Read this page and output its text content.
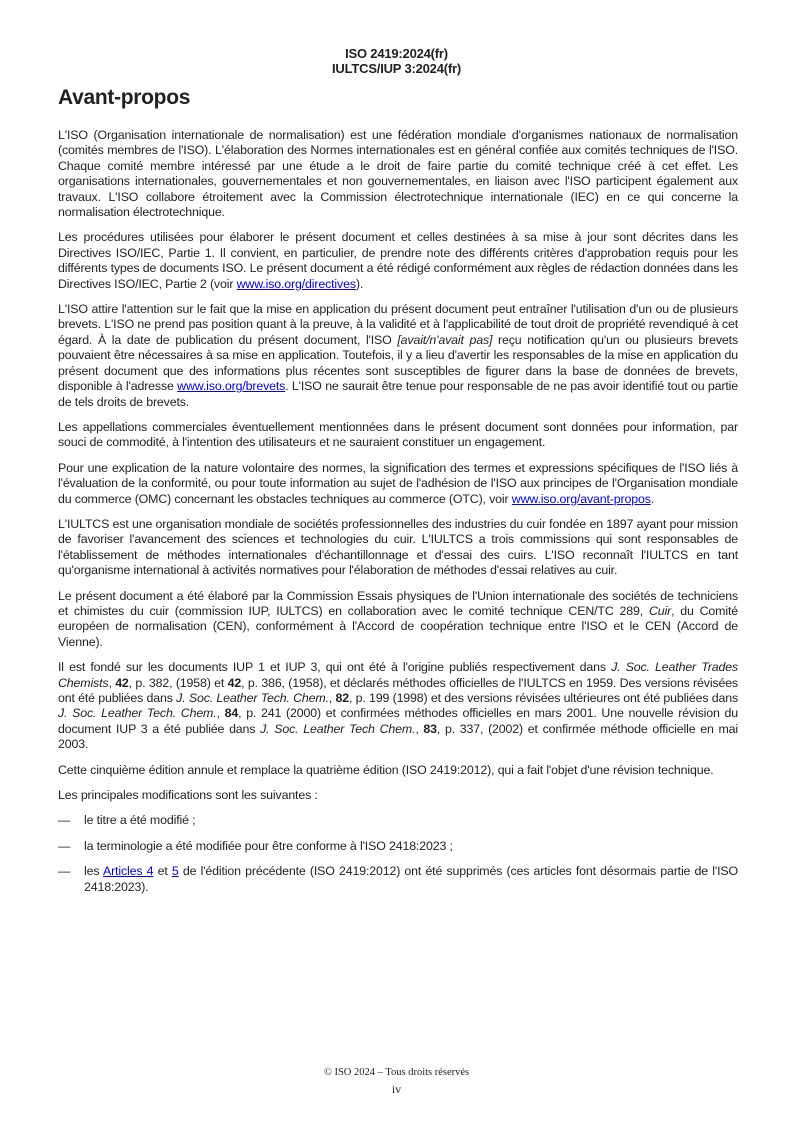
ISO 2419:2024(fr)
IULTCS/IUP 3:2024(fr)
Avant-propos

L'ISO (Organisation internationale de normalisation) est une fédération mondiale d'organismes nationaux de normalisation (comités membres de l'ISO). L'élaboration des Normes internationales est en général confiée aux comités techniques de l'ISO. Chaque comité membre intéressé par une étude a le droit de faire partie du comité technique créé à cet effet. Les organisations internationales, gouvernementales et non gouvernementales, en liaison avec l'ISO participent également aux travaux. L'ISO collabore étroitement avec la Commission électrotechnique internationale (IEC) en ce qui concerne la normalisation électrotechnique.

Les procédures utilisées pour élaborer le présent document et celles destinées à sa mise à jour sont décrites dans les Directives ISO/IEC, Partie 1. Il convient, en particulier, de prendre note des différents critères d'approbation requis pour les différents types de documents ISO. Le présent document a été rédigé conformément aux règles de rédaction données dans les Directives ISO/IEC, Partie 2 (voir www.iso.org/directives).

L'ISO attire l'attention sur le fait que la mise en application du présent document peut entraîner l'utilisation d'un ou de plusieurs brevets. L'ISO ne prend pas position quant à la preuve, à la validité et à l'applicabilité de tout droit de propriété revendiqué à cet égard. À la date de publication du présent document, l'ISO [avait/n'avait pas] reçu notification qu'un ou plusieurs brevets pouvaient être nécessaires à sa mise en application. Toutefois, il y a lieu d'avertir les responsables de la mise en application du présent document que des informations plus récentes sont susceptibles de figurer dans la base de données de brevets, disponible à l'adresse www.iso.org/brevets. L'ISO ne saurait être tenue pour responsable de ne pas avoir identifié tout ou partie de tels droits de brevets.

Les appellations commerciales éventuellement mentionnées dans le présent document sont données pour information, par souci de commodité, à l'intention des utilisateurs et ne sauraient constituer un engagement.

Pour une explication de la nature volontaire des normes, la signification des termes et expressions spécifiques de l'ISO liés à l'évaluation de la conformité, ou pour toute information au sujet de l'adhésion de l'ISO aux principes de l'Organisation mondiale du commerce (OMC) concernant les obstacles techniques au commerce (OTC), voir www.iso.org/avant-propos.

L'IULTCS est une organisation mondiale de sociétés professionnelles des industries du cuir fondée en 1897 ayant pour mission de favoriser l'avancement des sciences et technologies du cuir. L'IULTCS a trois commissions qui sont responsables de l'établissement de méthodes internationales d'échantillonnage et d'essai des cuirs. L'ISO reconnaît l'IULTCS en tant qu'organisme international à activités normatives pour l'élaboration de méthodes d'essai relatives au cuir.

Le présent document a été élaboré par la Commission Essais physiques de l'Union internationale des sociétés de techniciens et chimistes du cuir (commission IUP, IULTCS) en collaboration avec le comité technique CEN/TC 289, Cuir, du Comité européen de normalisation (CEN), conformément à l'Accord de coopération technique entre l'ISO et le CEN (Accord de Vienne).

Il est fondé sur les documents IUP 1 et IUP 3, qui ont été à l'origine publiés respectivement dans J. Soc. Leather Trades Chemists, 42, p. 382, (1958) et 42, p. 386, (1958), et déclarés méthodes officielles de l'IULTCS en 1959. Des versions révisées ont été publiées dans J. Soc. Leather Tech. Chem., 82, p. 199 (1998) et des versions révisées ultérieures ont été publiées dans J. Soc. Leather Tech. Chem., 84, p. 241 (2000) et confirmées méthodes officielles en mars 2001. Une nouvelle révision du document IUP 3 a été publiée dans J. Soc. Leather Tech Chem., 83, p. 337, (2002) et confirmée méthode officielle en mai 2003.

Cette cinquième édition annule et remplace la quatrième édition (ISO 2419:2012), qui a fait l'objet d'une révision technique.

Les principales modifications sont les suivantes :

— le titre a été modifié ;
— la terminologie a été modifiée pour être conforme à l'ISO 2418:2023 ;
— les Articles 4 et 5 de l'édition précédente (ISO 2419:2012) ont été supprimés (ces articles font désormais partie de l'ISO 2418:2023).
© ISO 2024 – Tous droits réservés
iv
